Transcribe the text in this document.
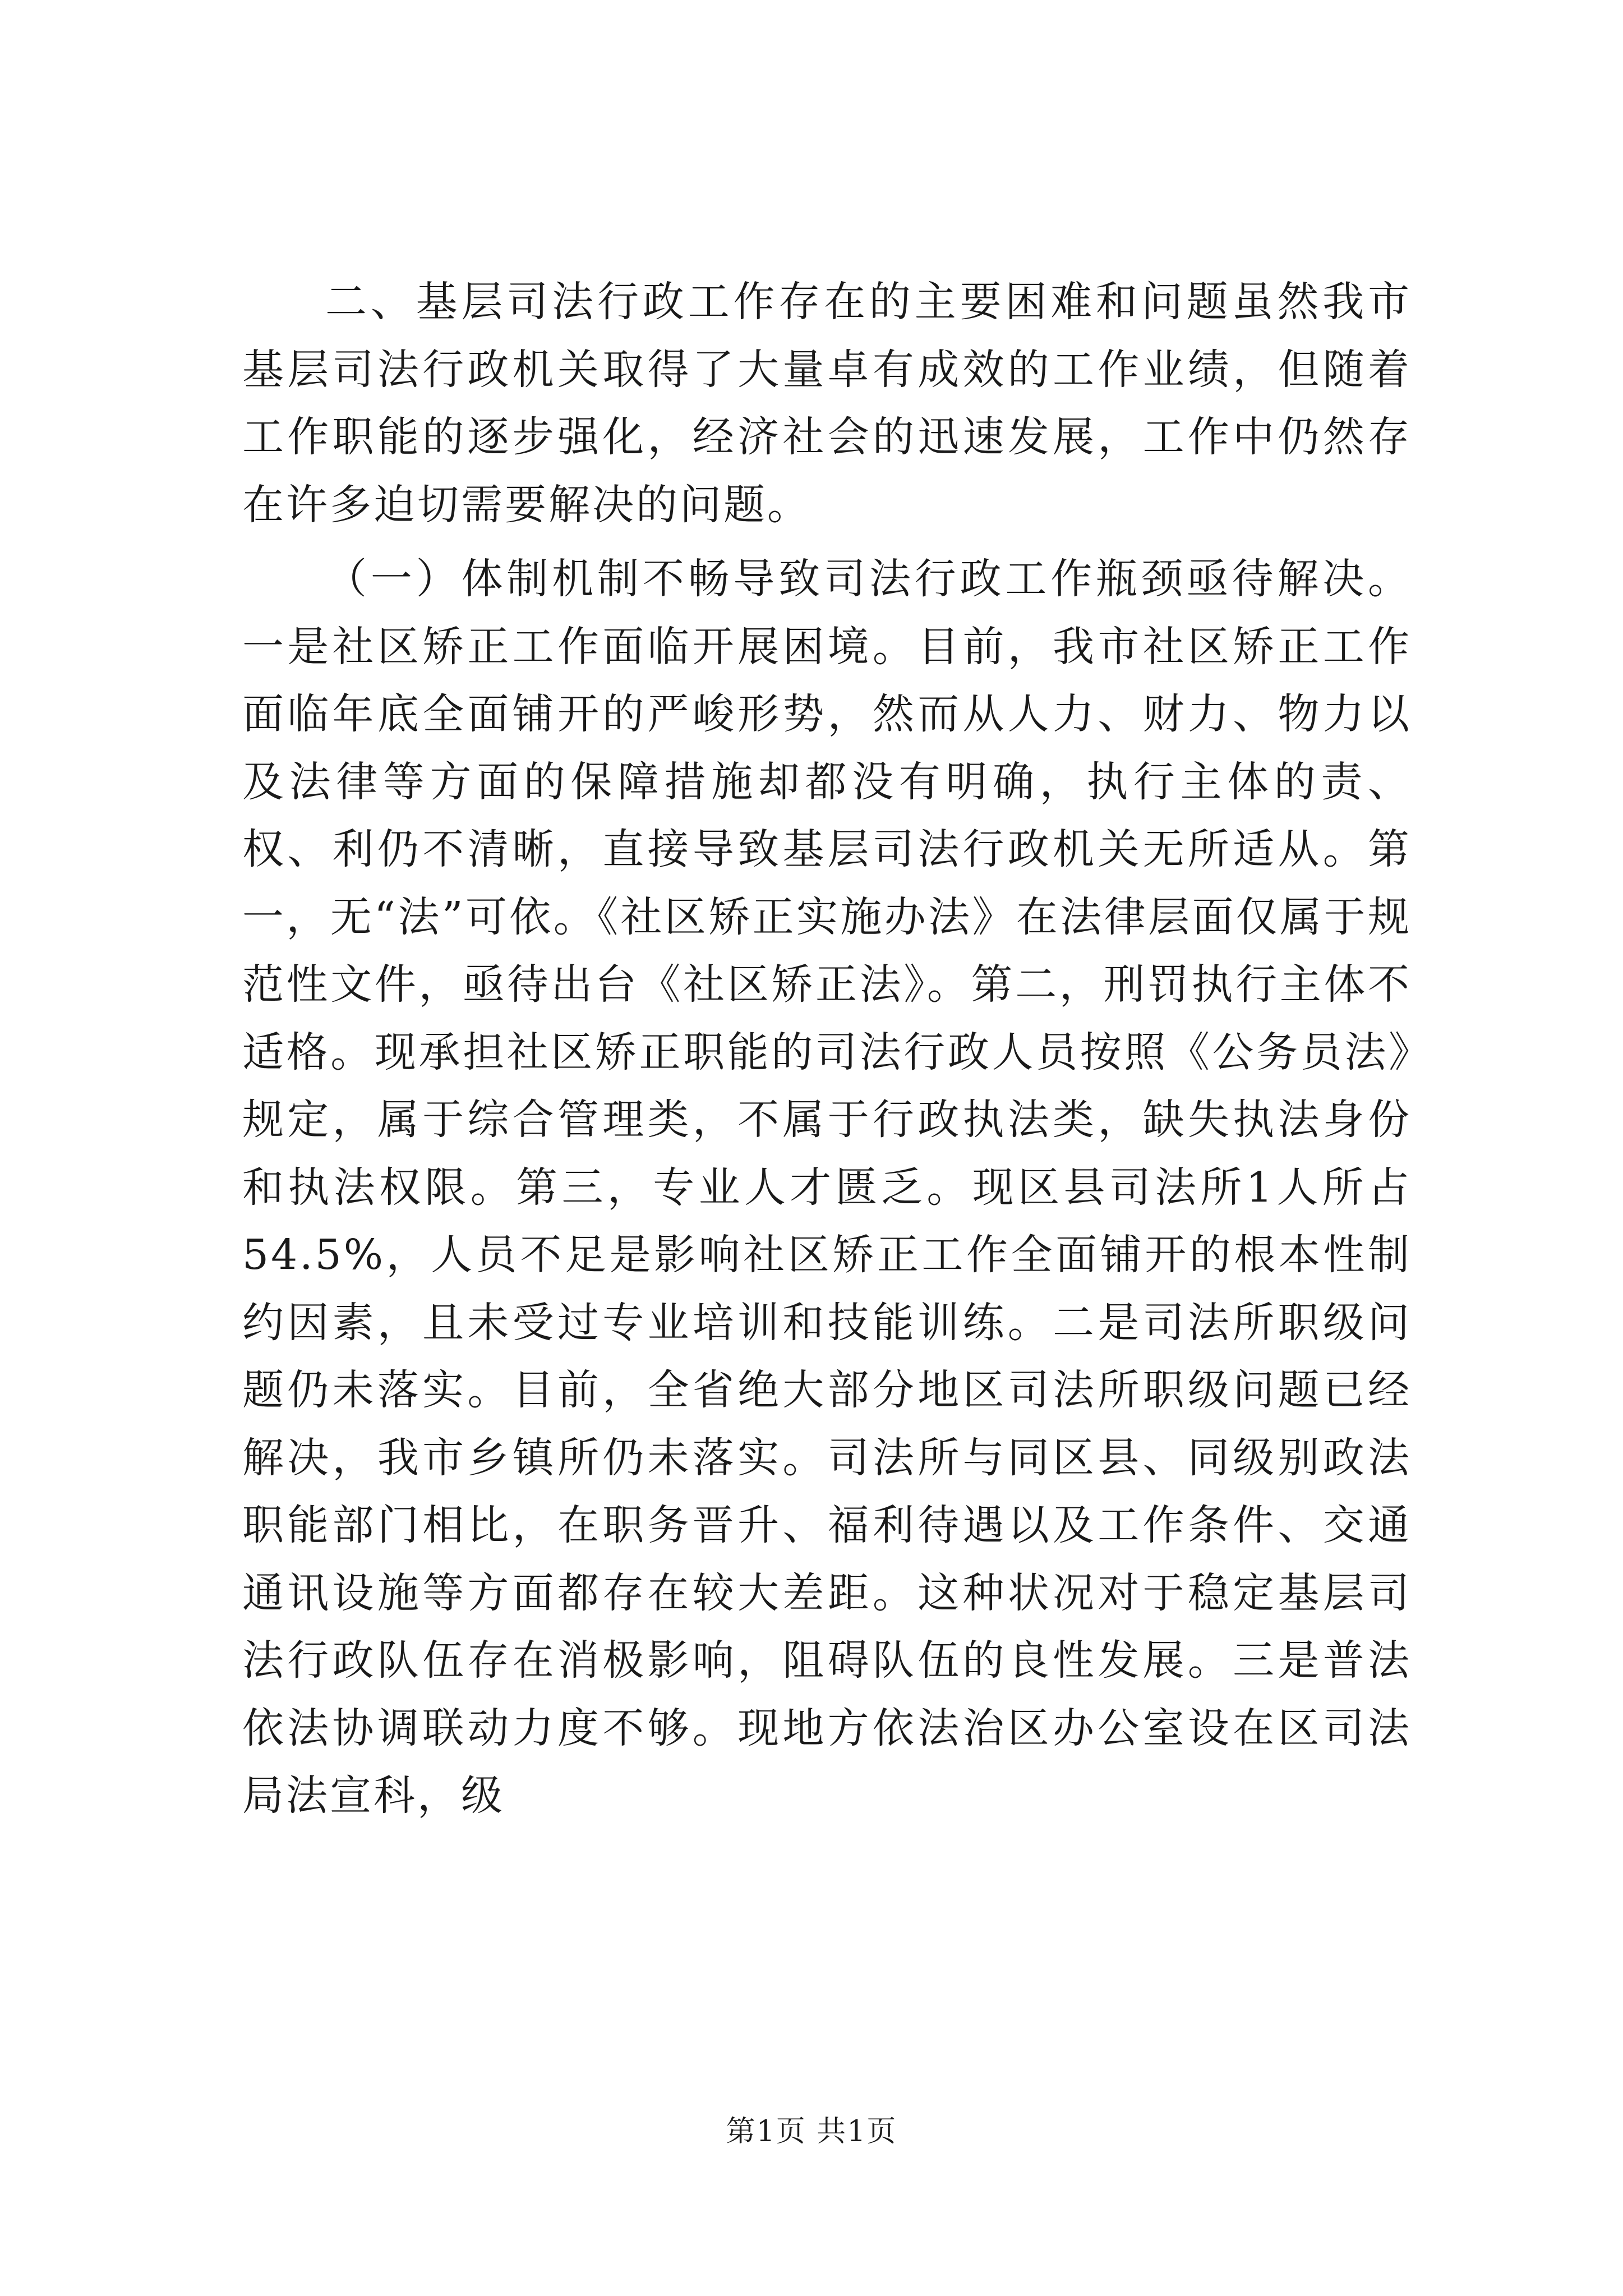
二、基层司法行政工作存在的主要困难和问题虽然我市基层司法行政机关取得了大量卓有成效的工作业绩，但随着工作职能的逐步强化，经济社会的迅速发展，工作中仍然存在许多迫切需要解决的问题。

（一）体制机制不畅导致司法行政工作瓶颈亟待解决。一是社区矫正工作面临开展困境。目前，我市社区矫正工作面临年底全面铺开的严峻形势，然而从人力、财力、物力以及法律等方面的保障措施却都没有明确，执行主体的责、权、利仍不清晰，直接导致基层司法行政机关无所适从。第一，无“法”可依。《社区矫正实施办法》在法律层面仅属于规范性文件，亟待出台《社区矫正法》。第二，刑罚执行主体不适格。现承担社区矫正职能的司法行政人员按照《公务员法》规定，属于综合管理类，不属于行政执法类，缺失执法身份和执法权限。第三，专业人才匮乏。现区县司法所1人所占54.5%，人员不足是影响社区矫正工作全面铺开的根本性制约因素，且未受过专业培训和技能训练。二是司法所职级问题仍未落实。目前，全省绝大部分地区司法所职级问题已经解决，我市乡镇所仍未落实。司法所与同区县、同级别政法职能部门相比，在职务晋升、福利待遇以及工作条件、交通通讯设施等方面都存在较大差距。这种状况对于稳定基层司法行政队伍存在消极影响，阻碍队伍的良性发展。三是普法依法协调联动力度不够。现地方依法治区办公室设在区司法局法宣科，级

第1页 共1页
